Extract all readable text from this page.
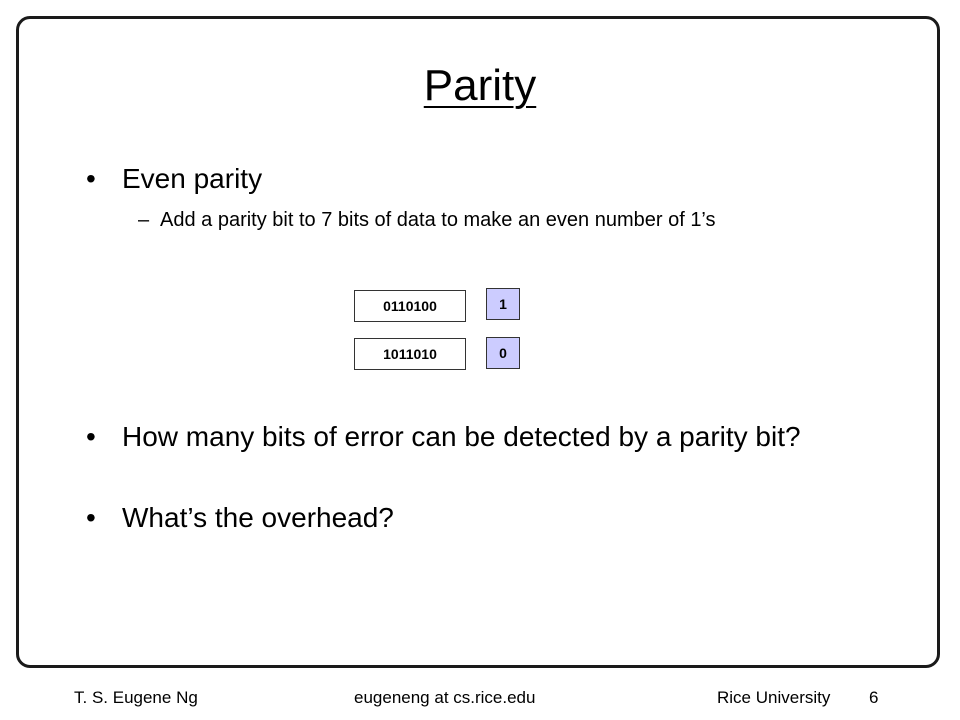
Parity
• Even parity
– Add a parity bit to 7 bits of data to make an even number of 1’s
0110100	1
1011010	0
• How many bits of error can be detected by a parity bit?
• What’s the overhead?
T. S. Eugene Ng	eugeneng at cs.rice.edu	Rice University 6
